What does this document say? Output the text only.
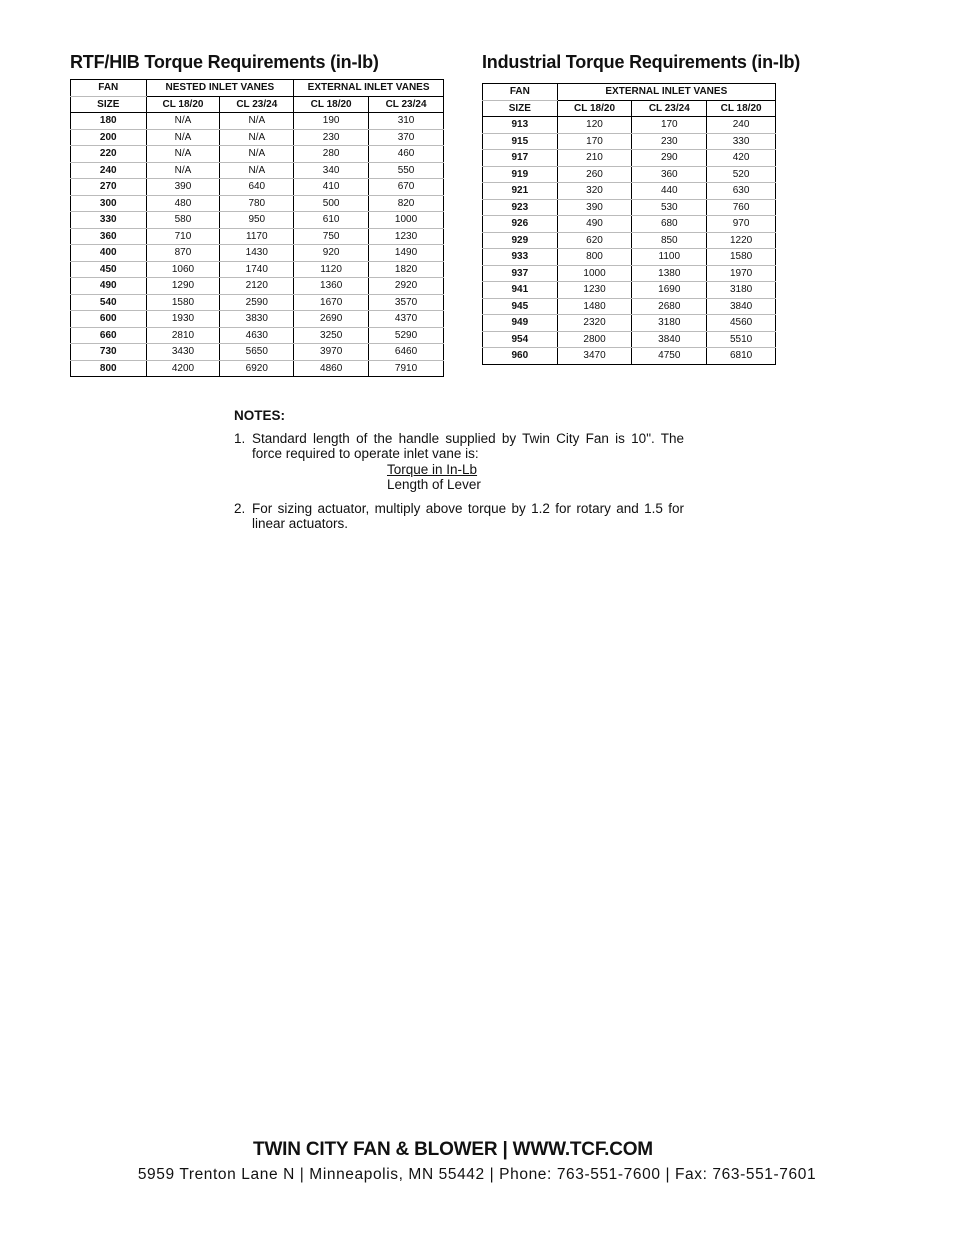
RTF/HIB Torque Requirements (in-lb)	Industrial Torque Requirements (in-lb)
FAN	NESTED INLET VANES		EXTERNAL INLET VANES	
SIZE	CL 18/20	CL 23/24	CL 18/20	CL 23/24
180	N/A	N/A	190	310
200	N/A	N/A	230	370
220	N/A	N/A	280	460
240	N/A	N/A	340	550
270	390	640	410	670
300	480	780	500	820
330	580	950	610	1000
360	710	1170	750	1230
400	870	1430	920	1490
450	1060	1740	1120	1820
490	1290	2120	1360	2920
540	1580	2590	1670	3570
600	1930	3830	2690	4370
660	2810	4630	3250	5290
730	3430	5650	3970	6460
800	4200	6920	4860	7910
FAN	EXTERNAL INLET VANES		
SIZE	CL 18/20	CL 23/24	CL 18/20
913	120	170	240
915	170	230	330
917	210	290	420
919	260	360	520
921	320	440	630
923	390	530	760
926	490	680	970
929	620	850	1220
933	800	1100	1580
937	1000	1380	1970
941	1230	1690	3180
945	1480	2680	3840
949	2320	3180	4560
954	2800	3840	5510
960	3470	4750	6810
NOTES:
1. Standard length of the handle supplied by Twin City Fan is 10". The force required to operate inlet vane is:
Torque in In-Lb
Length of Lever
2. For sizing actuator, multiply above torque by 1.2 for rotary and 1.5 for linear actuators.
TWIN CITY FAN & BLOWER | WWW.TCF.COM
5959 Trenton Lane N | Minneapolis, MN 55442 | Phone: 763-551-7600 | Fax: 763-551-7601
